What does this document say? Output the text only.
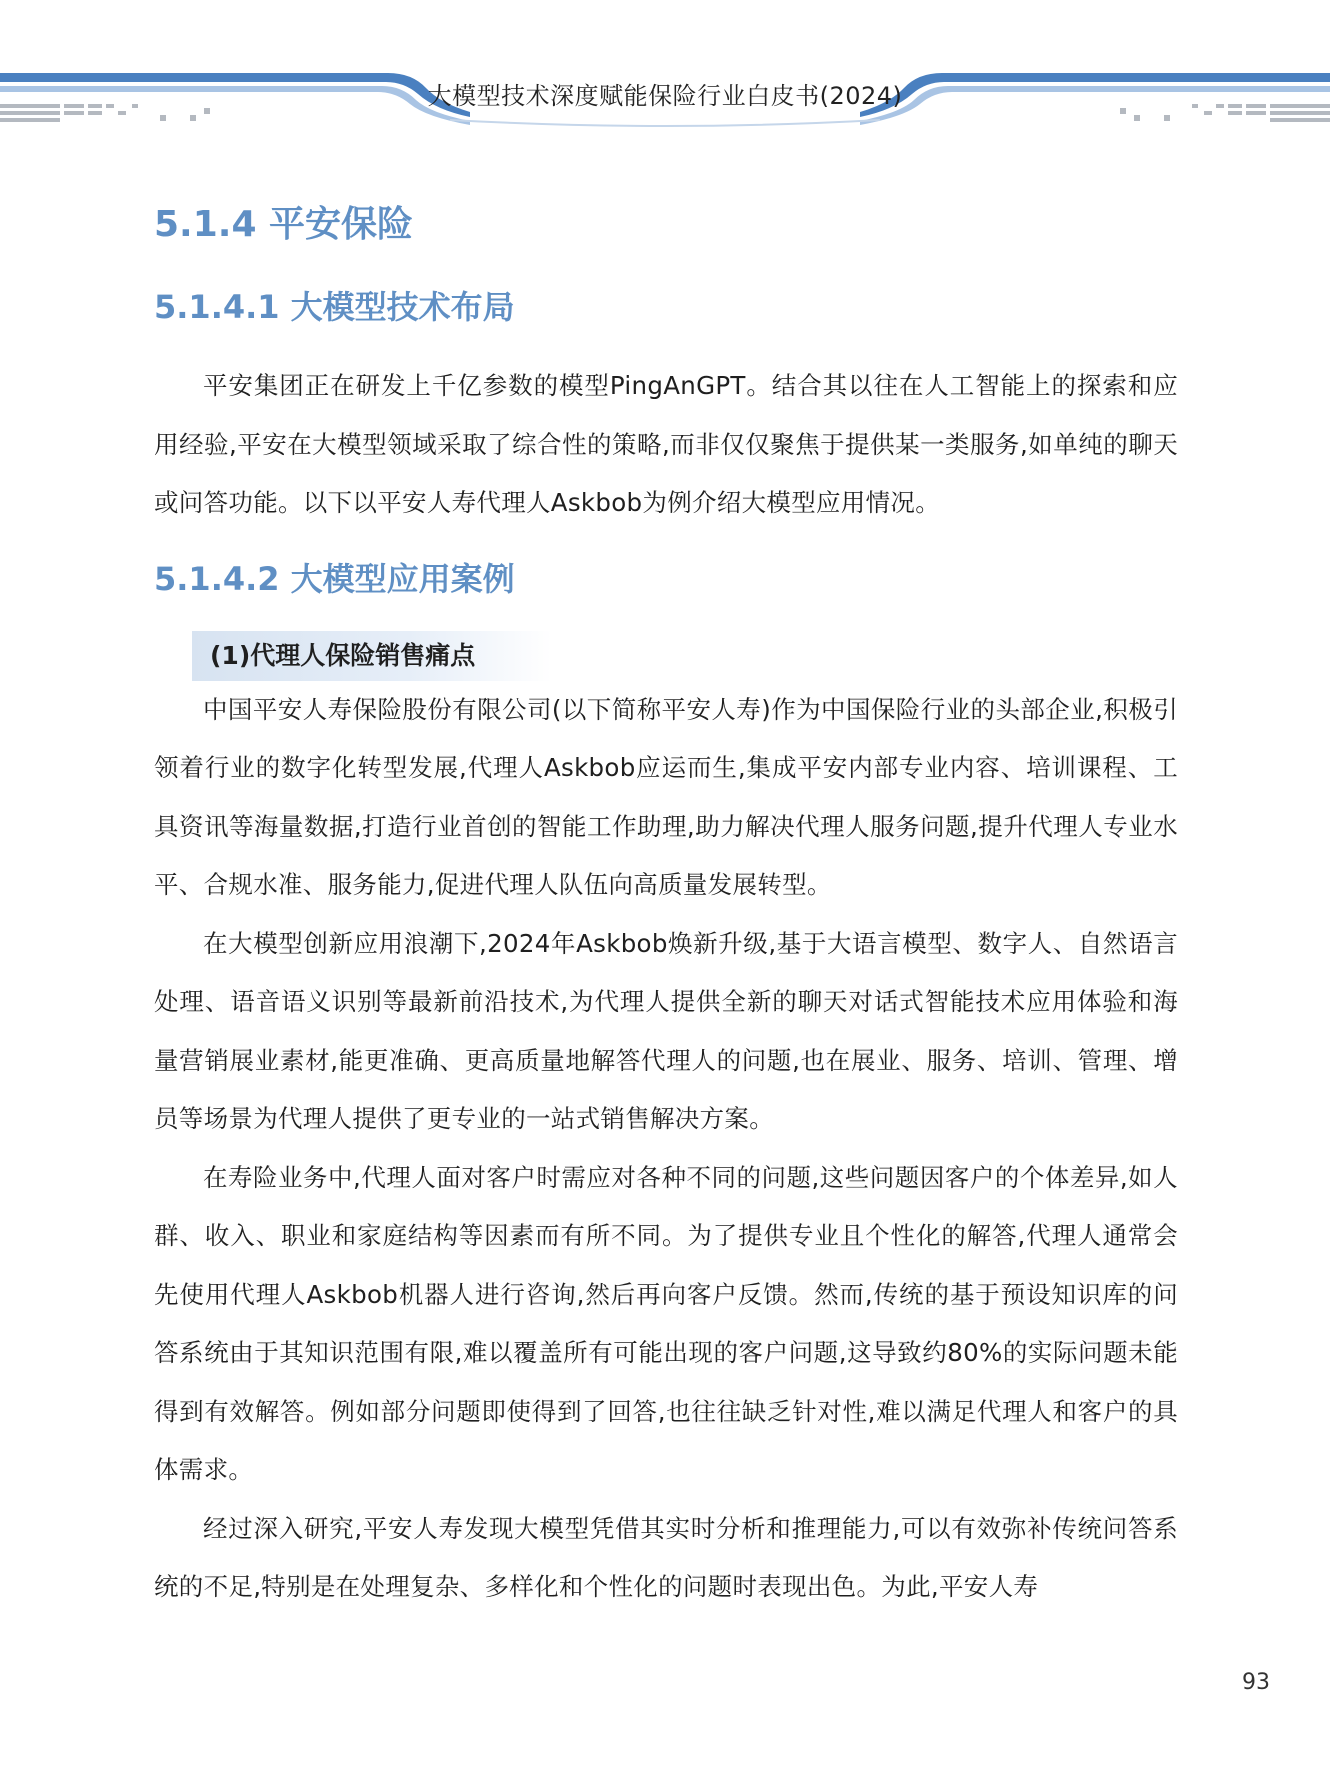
大模型技术深度赋能保险行业白皮书(2024)
5.1.4 平安保险
5.1.4.1 大模型技术布局

平安集团正在研发上千亿参数的模型PingAnGPT。结合其以往在人工智能上的探索和应用经验,平安在大模型领域采取了综合性的策略,而非仅仅聚焦于提供某一类服务,如单纯的聊天或问答功能。以下以平安人寿代理人Askbob为例介绍大模型应用情况。

5.1.4.2 大模型应用案例
(1)代理人保险销售痛点

中国平安人寿保险股份有限公司(以下简称平安人寿)作为中国保险行业的头部企业,积极引领着行业的数字化转型发展,代理人Askbob应运而生,集成平安内部专业内容、培训课程、工具资讯等海量数据,打造行业首创的智能工作助理,助力解决代理人服务问题,提升代理人专业水平、合规水准、服务能力,促进代理人队伍向高质量发展转型。

在大模型创新应用浪潮下,2024年Askbob焕新升级,基于大语言模型、数字人、自然语言处理、语音语义识别等最新前沿技术,为代理人提供全新的聊天对话式智能技术应用体验和海量营销展业素材,能更准确、更高质量地解答代理人的问题,也在展业、服务、培训、管理、增员等场景为代理人提供了更专业的一站式销售解决方案。

在寿险业务中,代理人面对客户时需应对各种不同的问题,这些问题因客户的个体差异,如人群、收入、职业和家庭结构等因素而有所不同。为了提供专业且个性化的解答,代理人通常会先使用代理人Askbob机器人进行咨询,然后再向客户反馈。然而,传统的基于预设知识库的问答系统由于其知识范围有限,难以覆盖所有可能出现的客户问题,这导致约80%的实际问题未能得到有效解答。例如部分问题即使得到了回答,也往往缺乏针对性,难以满足代理人和客户的具体需求。

经过深入研究,平安人寿发现大模型凭借其实时分析和推理能力,可以有效弥补传统问答系统的不足,特别是在处理复杂、多样化和个性化的问题时表现出色。为此,平安人寿

93
